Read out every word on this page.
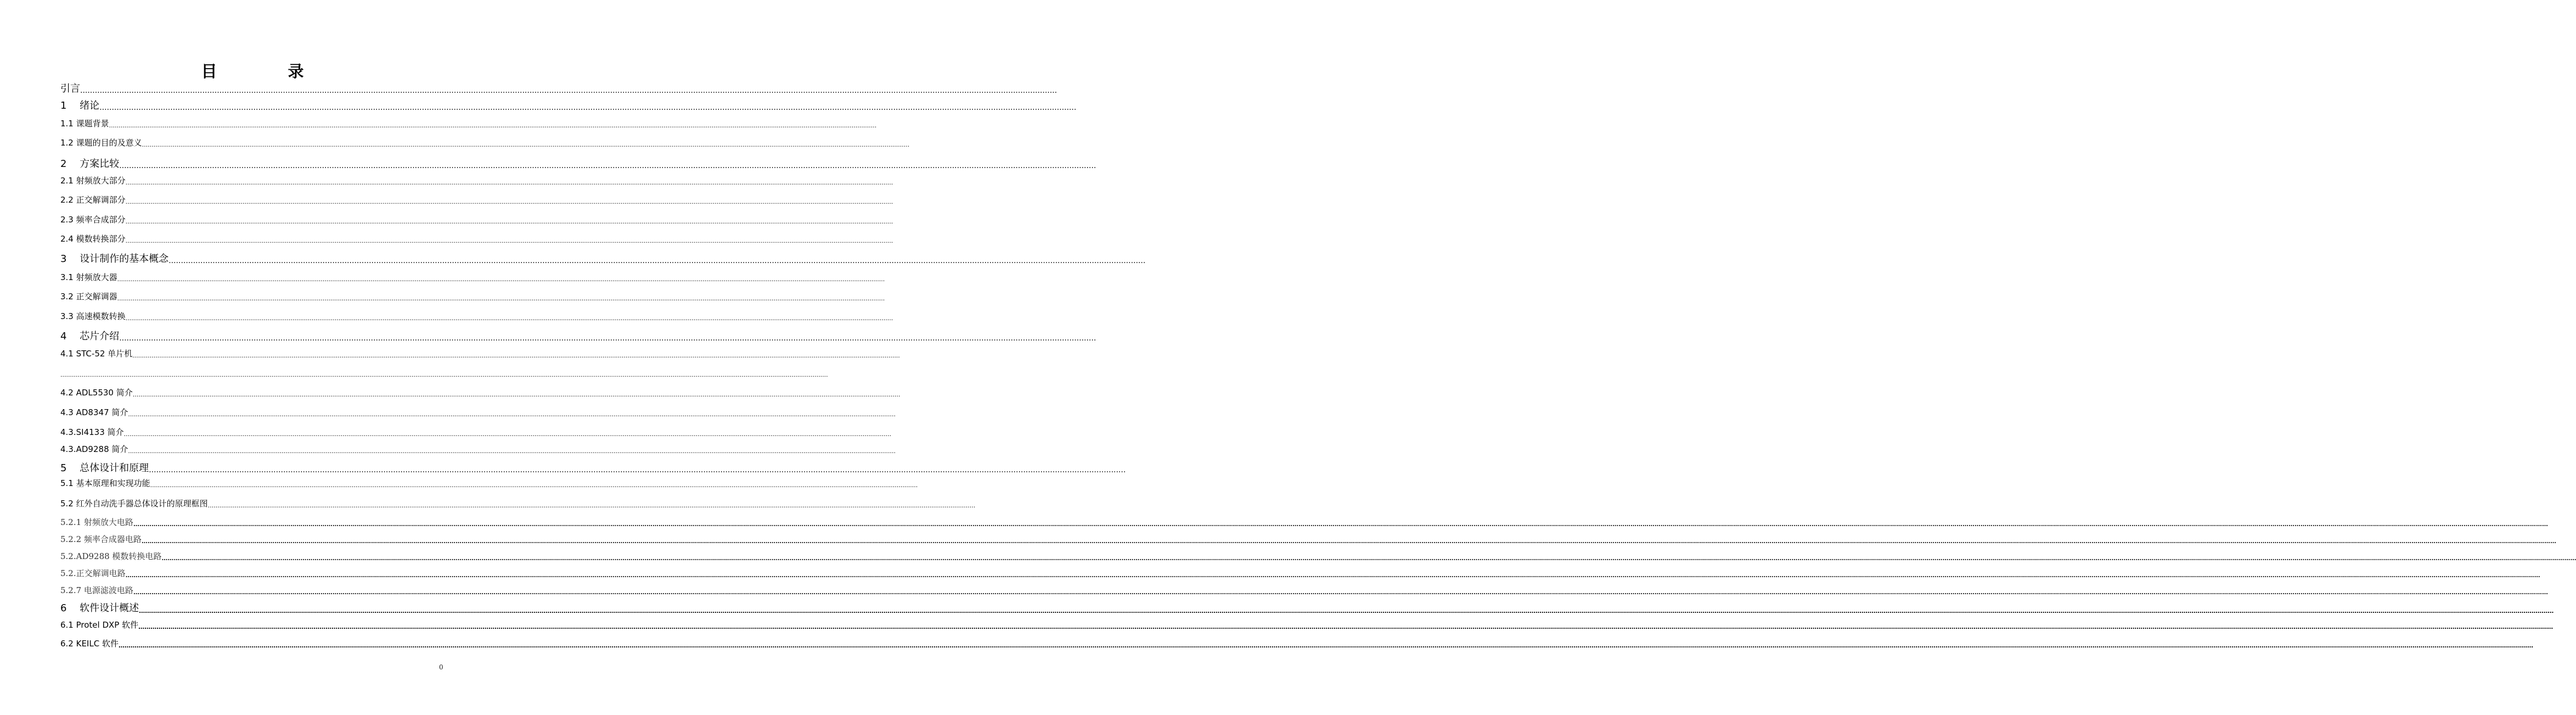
目　录
引言 ................................................................................................................................................................................................................................................................................................................................................................................................................
1　 绪论 ................................................................................................................................................................................................................................................................................................................................................................................................................
1.1 课题背景 ................................................................................................................................................................................................................................................................................................................................................................................................................
1.2 课题的目的及意义 ................................................................................................................................................................................................................................................................................................................................................................................................................
2　 方案比较 ................................................................................................................................................................................................................................................................................................................................................................................................................
2.1 射频放大部分 ................................................................................................................................................................................................................................................................................................................................................................................................................
2.2 正交解调部分 ................................................................................................................................................................................................................................................................................................................................................................................................................
2.3 频率合成部分 ................................................................................................................................................................................................................................................................................................................................................................................................................
2.4 模数转换部分 ................................................................................................................................................................................................................................................................................................................................................................................................................
3　 设计制作的基本概念 ................................................................................................................................................................................................................................................................................................................................................................................................................
3.1 射频放大器 ................................................................................................................................................................................................................................................................................................................................................................................................................
3.2 正交解调器 ................................................................................................................................................................................................................................................................................................................................................................................................................
3.3 高速模数转换 ................................................................................................................................................................................................................................................................................................................................................................................................................
4　 芯片介绍 ................................................................................................................................................................................................................................................................................................................................................................................................................
4.1 STC-52 单片机 ................................................................................................................................................................................................................................................................................................................................................................................................................
................................................................................................................................................................................................................................................................................................................................................................................................................
4.2 ADL5530 简介 ................................................................................................................................................................................................................................................................................................................................................................................................................
4.3 AD8347 简介 ................................................................................................................................................................................................................................................................................................................................................................................................................
4.3.SI4133 简介 ................................................................................................................................................................................................................................................................................................................................................................................................................
4.3.AD9288 简介 ................................................................................................................................................................................................................................................................................................................................................................................................................
5　 总体设计和原理 ................................................................................................................................................................................................................................................................................................................................................................................................................
5.1 基本原理和实现功能 ................................................................................................................................................................................................................................................................................................................................................................................................................
5.2 红外自动洗手器总体设计的原理框图 ................................................................................................................................................................................................................................................................................................................................................................................................................
5.2.1 射频放大电路 …………………………………………………………………………………………………………………………………………………………………………………………………………………………………………………………………………………………………………………………………………………………………………………………………………………………………………………………………………………………………………………………………………………………………………………………………………………………………………………………………………………………………………………………………………………………………………………………………………………………………………………………………………………………………………………………………………………………………………………………………………………………………………………………………………………………………………
5.2.2 频率合成器电路 …………………………………………………………………………………………………………………………………………………………………………………………………………………………………………………………………………………………………………………………………………………………………………………………………………………………………………………………………………………………………………………………………………………………………………………………………………………………………………………………………………………………………………………………………………………………………………………………………………………………………………………………………………………………………………………………………………………………………………………………………………………………………………………………………………………………………………
5.2.AD9288 模数转换电路 …………………………………………………………………………………………………………………………………………………………………………………………………………………………………………………………………………………………………………………………………………………………………………………………………………………………………………………………………………………………………………………………………………………………………………………………………………………………………………………………………………………………………………………………………………………………………………………………………………………………………………………………………………………………………………………………………………………………………………………………………………………………………………………………………………………………………………
5.2.正交解调电路 …………………………………………………………………………………………………………………………………………………………………………………………………………………………………………………………………………………………………………………………………………………………………………………………………………………………………………………………………………………………………………………………………………………………………………………………………………………………………………………………………………………………………………………………………………………………………………………………………………………………………………………………………………………………………………………………………………………………………………………………………………………………………………………………………………………………………………
5.2.7 电源滤波电路 …………………………………………………………………………………………………………………………………………………………………………………………………………………………………………………………………………………………………………………………………………………………………………………………………………………………………………………………………………………………………………………………………………………………………………………………………………………………………………………………………………………………………………………………………………………………………………………………………………………………………………………………………………………………………………………………………………………………………………………………………………………………………………………………………………………………………………
6　 软件设计概述 …………………………………………………………………………………………………………………………………………………………………………………………………………………………………………………………………………………………………………………………………………………………………………………………………………………………………………………………………………………………………………………………………………………………………………………………………………………………………………………………………………………………………………………………………………………………………………………………………………………………………………………………………………………………………………………………………………………………………………………………………………………………………………………………………………………………………………
6.1 Protel DXP 软件 …………………………………………………………………………………………………………………………………………………………………………………………………………………………………………………………………………………………………………………………………………………………………………………………………………………………………………………………………………………………………………………………………………………………………………………………………………………………………………………………………………………………………………………………………………………………………………………………………………………………………………………………………………………………………………………………………………………………………………………………………………………………………………………………………………………………………………
6.2 KEILC 软件 …………………………………………………………………………………………………………………………………………………………………………………………………………………………………………………………………………………………………………………………………………………………………………………………………………………………………………………………………………………………………………………………………………………………………………………………………………………………………………………………………………………………………………………………………………………………………………………………………………………………………………………………………………………………………………………………………………………………………………………………………………………………………………………………………………………………………………
0
